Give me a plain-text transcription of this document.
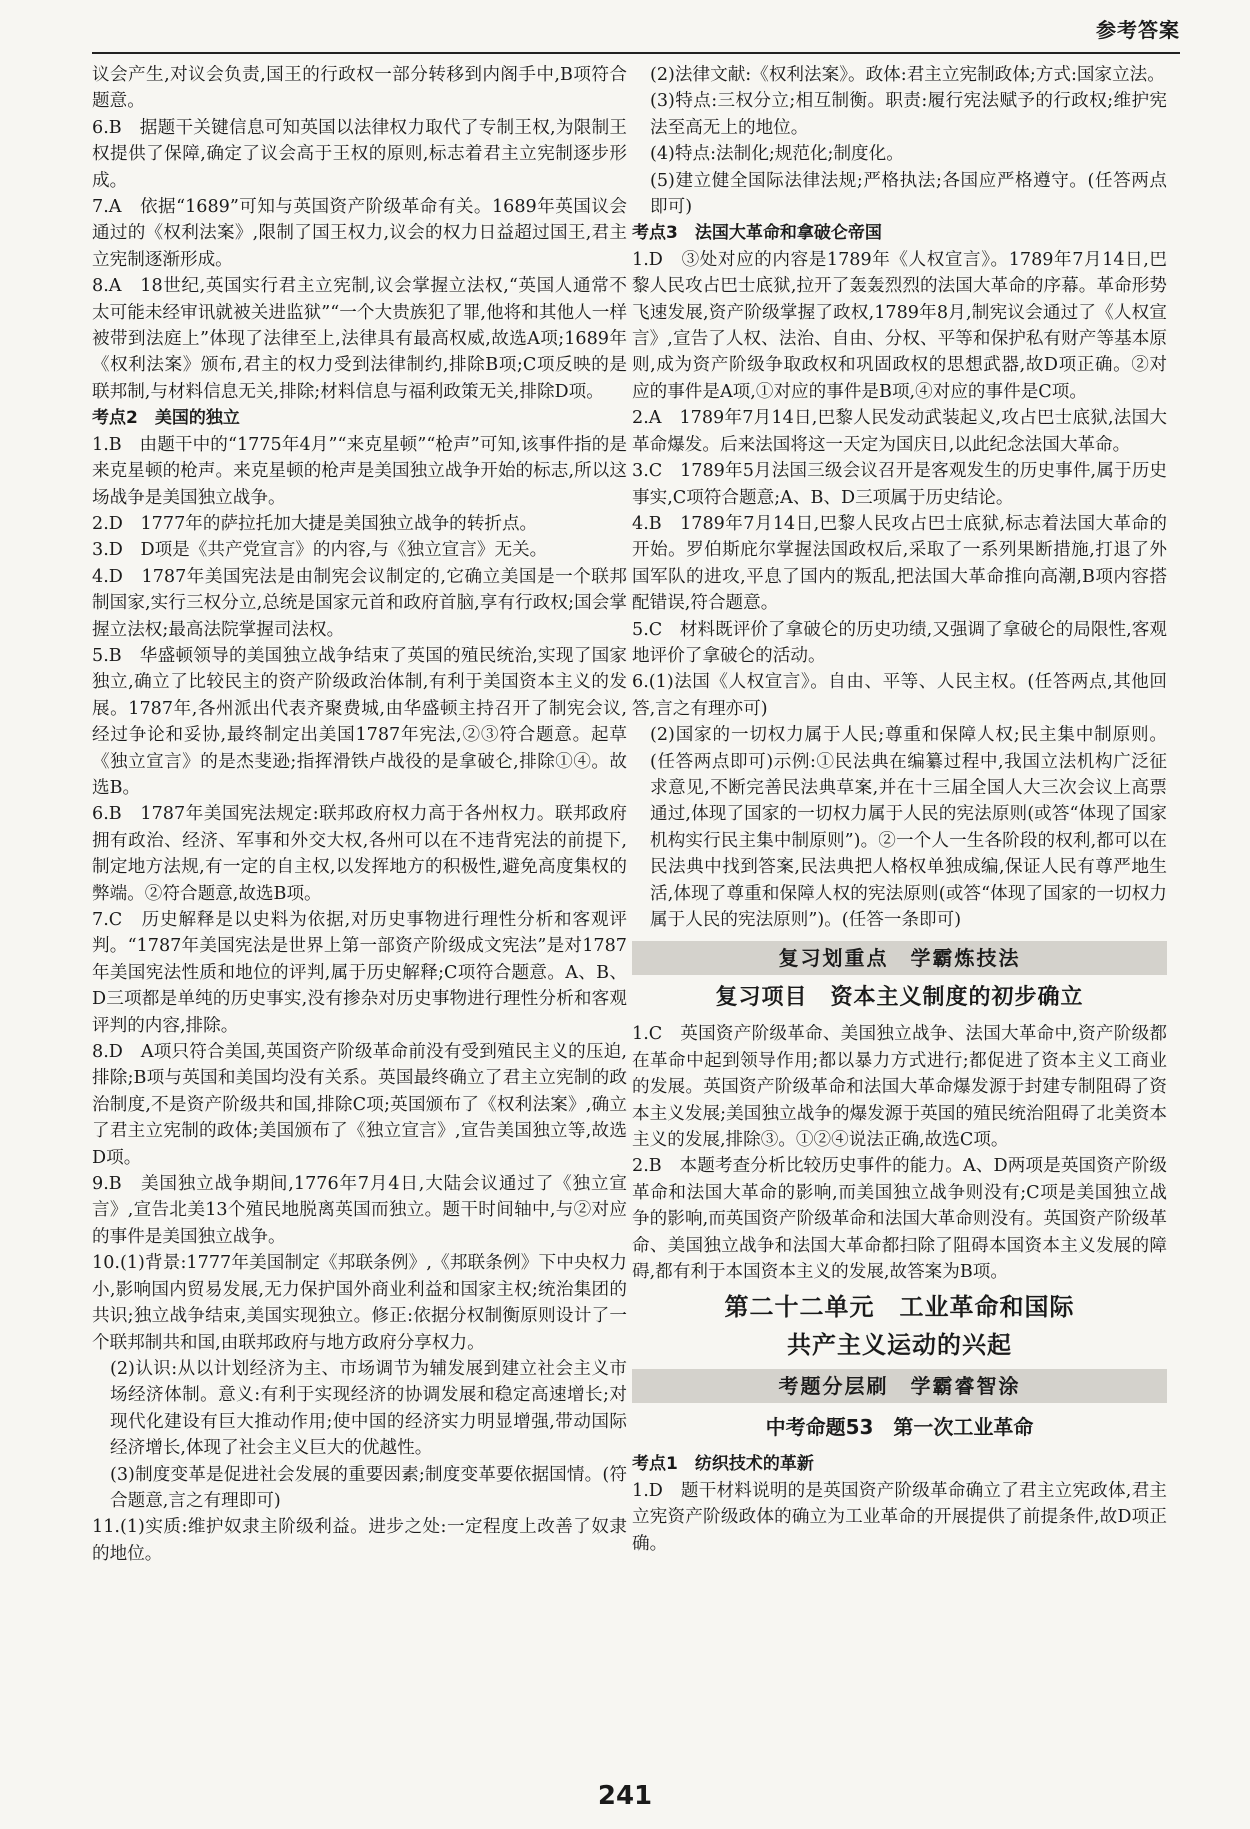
参考答案

议会产生,对议会负责,国王的行政权一部分转移到内阁手中,B项符合题意。

6.B　据题干关键信息可知英国以法律权力取代了专制王权,为限制王权提供了保障,确定了议会高于王权的原则,标志着君主立宪制逐步形成。

7.A　依据“1689”可知与英国资产阶级革命有关。1689年英国议会通过的《权利法案》,限制了国王权力,议会的权力日益超过国王,君主立宪制逐渐形成。

8.A　18世纪,英国实行君主立宪制,议会掌握立法权,“英国人通常不太可能未经审讯就被关进监狱”“一个大贵族犯了罪,他将和其他人一样被带到法庭上”体现了法律至上,法律具有最高权威,故选A项;1689年《权利法案》颁布,君主的权力受到法律制约,排除B项;C项反映的是联邦制,与材料信息无关,排除;材料信息与福利政策无关,排除D项。

考点2　美国的独立

1.B　由题干中的“1775年4月”“来克星顿”“枪声”可知,该事件指的是来克星顿的枪声。来克星顿的枪声是美国独立战争开始的标志,所以这场战争是美国独立战争。

2.D　1777年的萨拉托加大捷是美国独立战争的转折点。

3.D　D项是《共产党宣言》的内容,与《独立宣言》无关。

4.D　1787年美国宪法是由制宪会议制定的,它确立美国是一个联邦制国家,实行三权分立,总统是国家元首和政府首脑,享有行政权;国会掌握立法权;最高法院掌握司法权。

5.B　华盛顿领导的美国独立战争结束了英国的殖民统治,实现了国家独立,确立了比较民主的资产阶级政治体制,有利于美国资本主义的发展。1787年,各州派出代表齐聚费城,由华盛顿主持召开了制宪会议,经过争论和妥协,最终制定出美国1787年宪法,②③符合题意。起草《独立宣言》的是杰斐逊;指挥滑铁卢战役的是拿破仑,排除①④。故选B。

6.B　1787年美国宪法规定:联邦政府权力高于各州权力。联邦政府拥有政治、经济、军事和外交大权,各州可以在不违背宪法的前提下,制定地方法规,有一定的自主权,以发挥地方的积极性,避免高度集权的弊端。②符合题意,故选B项。

7.C　历史解释是以史料为依据,对历史事物进行理性分析和客观评判。“1787年美国宪法是世界上第一部资产阶级成文宪法”是对1787年美国宪法性质和地位的评判,属于历史解释;C项符合题意。A、B、D三项都是单纯的历史事实,没有掺杂对历史事物进行理性分析和客观评判的内容,排除。

8.D　A项只符合美国,英国资产阶级革命前没有受到殖民主义的压迫,排除;B项与英国和美国均没有关系。英国最终确立了君主立宪制的政治制度,不是资产阶级共和国,排除C项;英国颁布了《权利法案》,确立了君主立宪制的政体;美国颁布了《独立宣言》,宣告美国独立等,故选D项。

9.B　美国独立战争期间,1776年7月4日,大陆会议通过了《独立宣言》,宣告北美13个殖民地脱离英国而独立。题干时间轴中,与②对应的事件是美国独立战争。

10.(1)背景:1777年美国制定《邦联条例》,《邦联条例》下中央权力小,影响国内贸易发展,无力保护国外商业利益和国家主权;统治集团的共识;独立战争结束,美国实现独立。修正:依据分权制衡原则设计了一个联邦制共和国,由联邦政府与地方政府分享权力。

(2)认识:从以计划经济为主、市场调节为辅发展到建立社会主义市场经济体制。意义:有利于实现经济的协调发展和稳定高速增长;对现代化建设有巨大推动作用;使中国的经济实力明显增强,带动国际经济增长,体现了社会主义巨大的优越性。

(3)制度变革是促进社会发展的重要因素;制度变革要依据国情。(符合题意,言之有理即可)

11.(1)实质:维护奴隶主阶级利益。进步之处:一定程度上改善了奴隶的地位。

(2)法律文献:《权利法案》。政体:君主立宪制政体;方式:国家立法。

(3)特点:三权分立;相互制衡。职责:履行宪法赋予的行政权;维护宪法至高无上的地位。

(4)特点:法制化;规范化;制度化。

(5)建立健全国际法律法规;严格执法;各国应严格遵守。(任答两点即可)

考点3　法国大革命和拿破仑帝国

1.D　③处对应的内容是1789年《人权宣言》。1789年7月14日,巴黎人民攻占巴士底狱,拉开了轰轰烈烈的法国大革命的序幕。革命形势飞速发展,资产阶级掌握了政权,1789年8月,制宪议会通过了《人权宣言》,宣告了人权、法治、自由、分权、平等和保护私有财产等基本原则,成为资产阶级争取政权和巩固政权的思想武器,故D项正确。②对应的事件是A项,①对应的事件是B项,④对应的事件是C项。

2.A　1789年7月14日,巴黎人民发动武装起义,攻占巴士底狱,法国大革命爆发。后来法国将这一天定为国庆日,以此纪念法国大革命。

3.C　1789年5月法国三级会议召开是客观发生的历史事件,属于历史事实,C项符合题意;A、B、D三项属于历史结论。

4.B　1789年7月14日,巴黎人民攻占巴士底狱,标志着法国大革命的开始。罗伯斯庇尔掌握法国政权后,采取了一系列果断措施,打退了外国军队的进攻,平息了国内的叛乱,把法国大革命推向高潮,B项内容搭配错误,符合题意。

5.C　材料既评价了拿破仑的历史功绩,又强调了拿破仑的局限性,客观地评价了拿破仑的活动。

6.(1)法国《人权宣言》。自由、平等、人民主权。(任答两点,其他回答,言之有理亦可)

(2)国家的一切权力属于人民;尊重和保障人权;民主集中制原则。(任答两点即可)示例:①民法典在编纂过程中,我国立法机构广泛征求意见,不断完善民法典草案,并在十三届全国人大三次会议上高票通过,体现了国家的一切权力属于人民的宪法原则(或答“体现了国家机构实行民主集中制原则”)。②一个人一生各阶段的权利,都可以在民法典中找到答案,民法典把人格权单独成编,保证人民有尊严地生活,体现了尊重和保障人权的宪法原则(或答“体现了国家的一切权力属于人民的宪法原则”)。(任答一条即可)

复习划重点　学霸炼技法

复习项目　资本主义制度的初步确立

1.C　英国资产阶级革命、美国独立战争、法国大革命中,资产阶级都在革命中起到领导作用;都以暴力方式进行;都促进了资本主义工商业的发展。英国资产阶级革命和法国大革命爆发源于封建专制阻碍了资本主义发展;美国独立战争的爆发源于英国的殖民统治阻碍了北美资本主义的发展,排除③。①②④说法正确,故选C项。

2.B　本题考查分析比较历史事件的能力。A、D两项是英国资产阶级革命和法国大革命的影响,而美国独立战争则没有;C项是美国独立战争的影响,而英国资产阶级革命和法国大革命则没有。英国资产阶级革命、美国独立战争和法国大革命都扫除了阻碍本国资本主义发展的障碍,都有利于本国资本主义的发展,故答案为B项。

第二十二单元　工业革命和国际

共产主义运动的兴起

考题分层刷　学霸睿智涂

中考命题53　第一次工业革命

考点1　纺织技术的革新

1.D　题干材料说明的是英国资产阶级革命确立了君主立宪政体,君主立宪资产阶级政体的确立为工业革命的开展提供了前提条件,故D项正确。

241
